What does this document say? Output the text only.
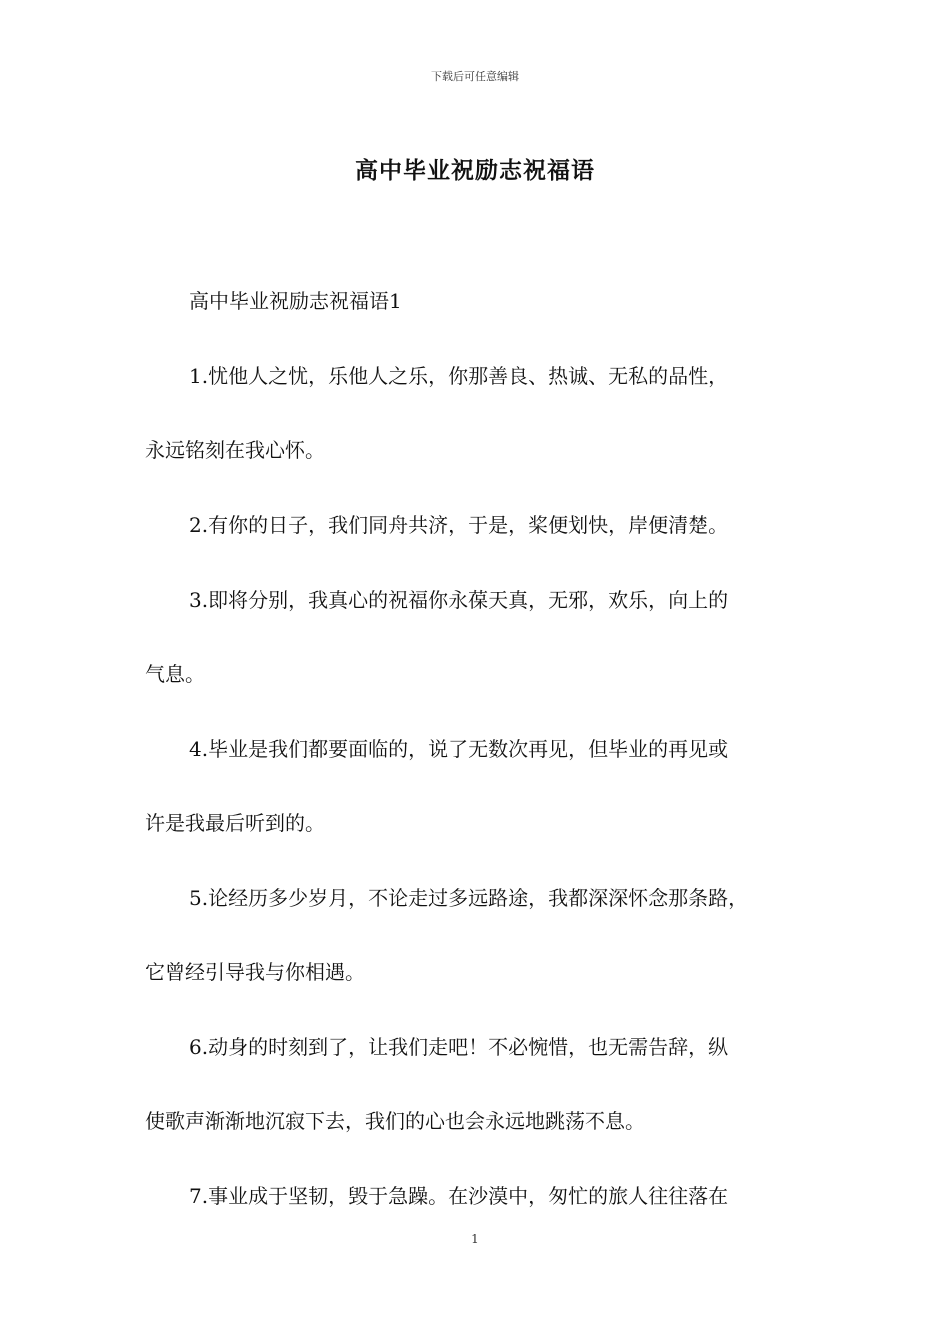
下载后可任意编辑
高中毕业祝励志祝福语
高中毕业祝励志祝福语1
1.忧他人之忧，乐他人之乐，你那善良、热诚、无私的品性，
永远铭刻在我心怀。
2.有你的日子，我们同舟共济，于是，桨便划快，岸便清楚。
3.即将分别，我真心的祝福你永葆天真，无邪，欢乐，向上的
气息。
4.毕业是我们都要面临的，说了无数次再见，但毕业的再见或
许是我最后听到的。
5.论经历多少岁月，不论走过多远路途，我都深深怀念那条路，
它曾经引导我与你相遇。
6.动身的时刻到了，让我们走吧！不必惋惜，也无需告辞，纵
使歌声渐渐地沉寂下去，我们的心也会永远地跳荡不息。
7.事业成于坚韧，毁于急躁。在沙漠中，匆忙的旅人往往落在
1
